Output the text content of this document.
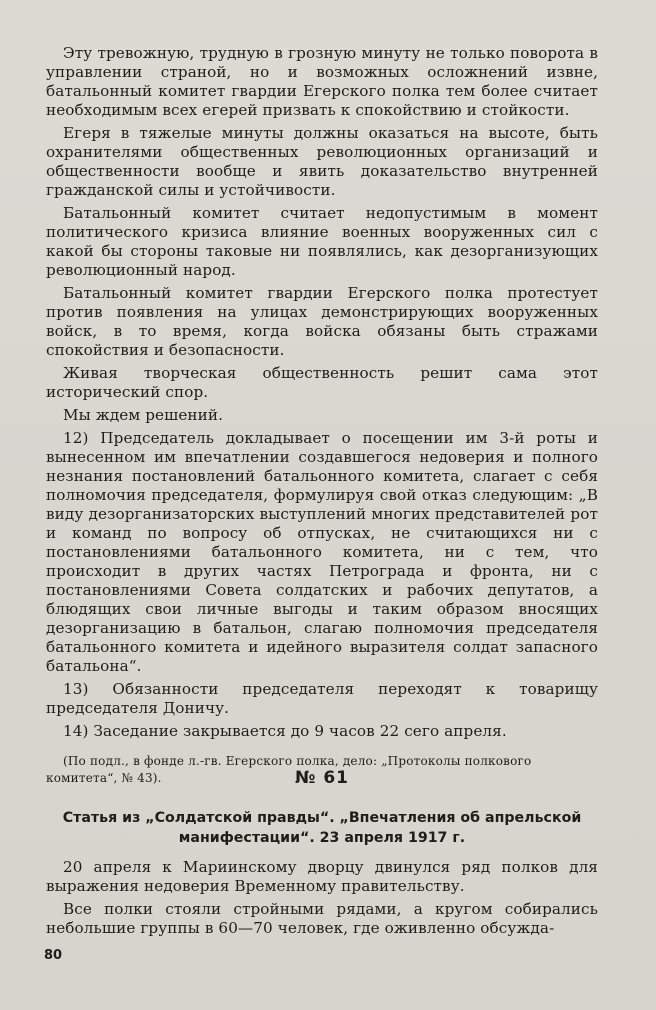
Эту тревожную, трудную в грозную минуту не только поворота в управлении страной, но и возможных осложнений извне, батальонный комитет гвардии Егерского полка тем более считает необходимым всех егерей призвать к спокойствию и стойкости.

Егеря в тяжелые минуты должны оказаться на высоте, быть охранителями общественных революционных организаций и общественности вообще и явить доказательство внутренней гражданской силы и устойчивости.

Батальонный комитет считает недопустимым в момент политического кризиса влияние военных вооруженных сил с какой бы стороны таковые ни появлялись, как дезорганизующих революционный народ.

Батальонный комитет гвардии Егерского полка протестует против появления на улицах демонстрирующих вооруженных войск, в то время, когда войска обязаны быть стражами спокойствия и безопасности.

Живая творческая общественность решит сама этот исторический спор.

Мы ждем решений.

12) Председатель докладывает о посещении им 3-й роты и вынесенном им впечатлении создавшегося недоверия и полного незнания постановлений батальонного комитета, слагает с себя полномочия председателя, формулируя свой отказ следующим: „В виду дезорганизаторских выступлений многих представителей рот и команд по вопросу об отпусках, не считающихся ни с постановлениями батальонного комитета, ни с тем, что происходит в других частях Петрограда и фронта, ни с постановлениями Совета солдатских и рабочих депутатов, а блюдящих свои личные выгоды и таким образом вносящих дезорганизацию в батальон, слагаю полномочия председателя батальонного комитета и идейного выразителя солдат запасного батальона“.

13) Обязанности председателя переходят к товарищу председателя Доничу.

14) Заседание закрывается до 9 часов 22 сего апреля.

(По подл., в фонде л.-гв. Егерского полка, дело: „Протоколы полкового комитета“, № 43).	№ 61
Статья из „Солдатской правды“. „Впечатления об апрельской манифестации“. 23 апреля 1917 г.

20 апреля к Мариинскому дворцу двинулся ряд полков для выражения недоверия Временному правительству.

Все полки стояли стройными рядами, а кругом собирались небольшие группы в 60—70 человек, где оживленно обсужда-

80
